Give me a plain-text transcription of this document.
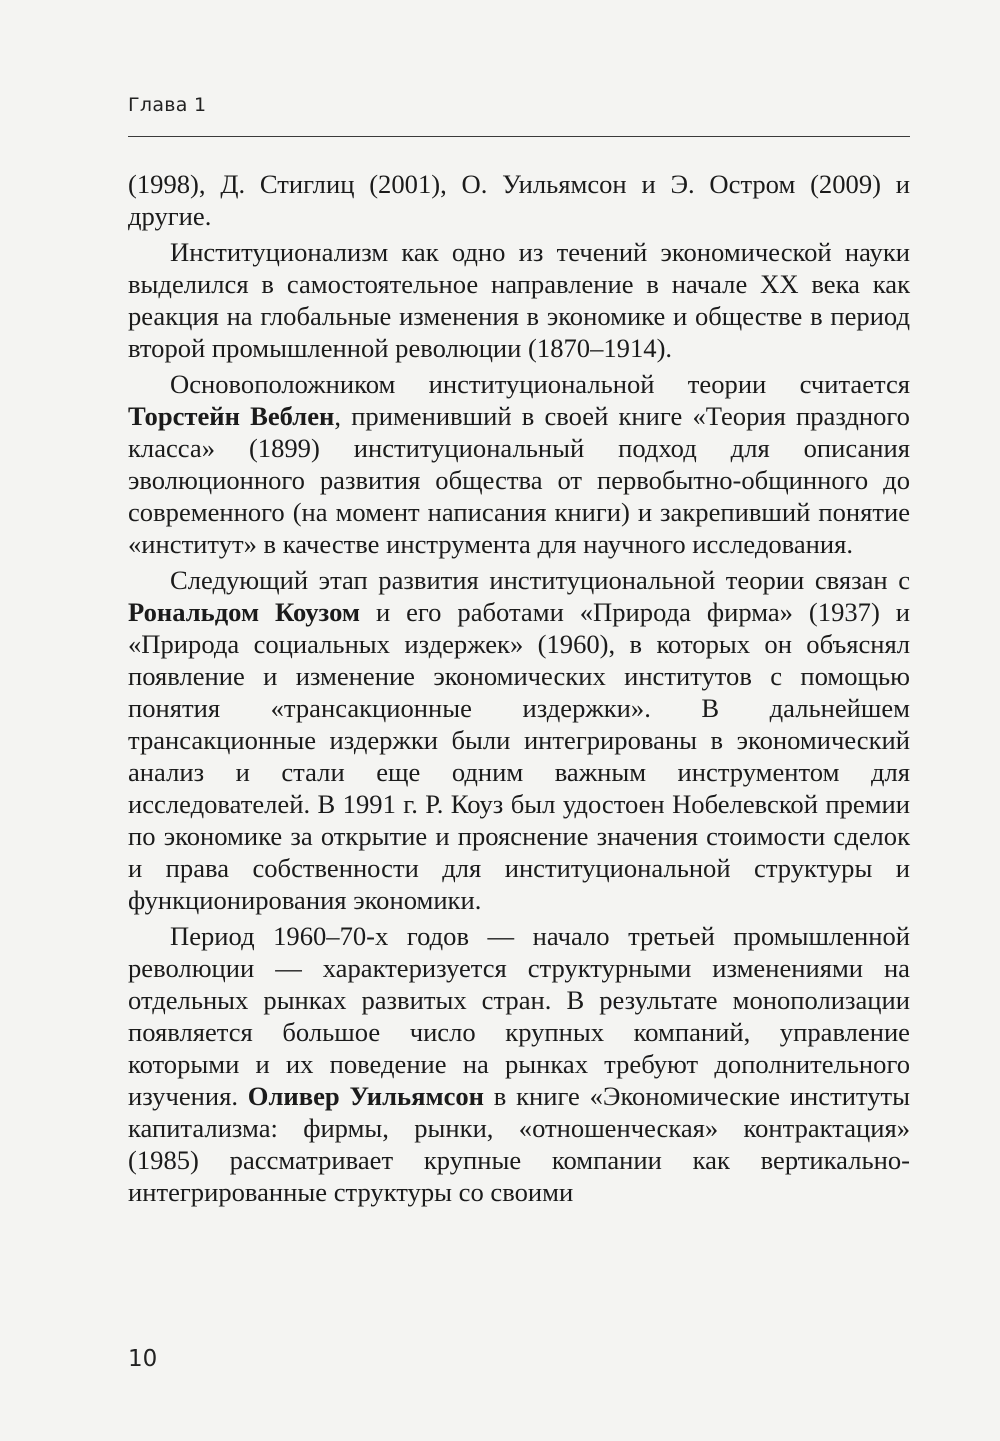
Глава 1

(1998), Д. Стиглиц (2001), О. Уильямсон и Э. Остром (2009) и другие.

Институционализм как одно из течений экономической науки выделился в самостоятельное направление в начале XX века как реакция на глобальные изменения в экономике и обществе в период второй промышленной революции (1870–1914).

Основоположником институциональной теории считается Торстейн Веблен, применивший в своей книге «Теория праздного класса» (1899) институциональный подход для описания эволюционного развития общества от первобытно-общинного до современного (на момент написания книги) и закрепивший понятие «институт» в качестве инструмента для научного исследования.

Следующий этап развития институциональной теории связан с Рональдом Коузом и его работами «Природа фирма» (1937) и «Природа социальных издержек» (1960), в которых он объяснял появление и изменение экономических институтов с помощью понятия «трансакционные издержки». В дальнейшем трансакционные издержки были интегрированы в экономический анализ и стали еще одним важным инструментом для исследователей. В 1991 г. Р. Коуз был удостоен Нобелевской премии по экономике за открытие и прояснение значения стоимости сделок и права собственности для институциональной структуры и функционирования экономики.

Период 1960–70-х годов — начало третьей промышленной революции — характеризуется структурными изменениями на отдельных рынках развитых стран. В результате монополизации появляется большое число крупных компаний, управление которыми и их поведение на рынках требуют дополнительного изучения. Оливер Уильямсон в книге «Экономические институты капитализма: фирмы, рынки, «отношенческая» контрактация» (1985) рассматривает крупные компании как вертикально-интегрированные структуры со своими

10
